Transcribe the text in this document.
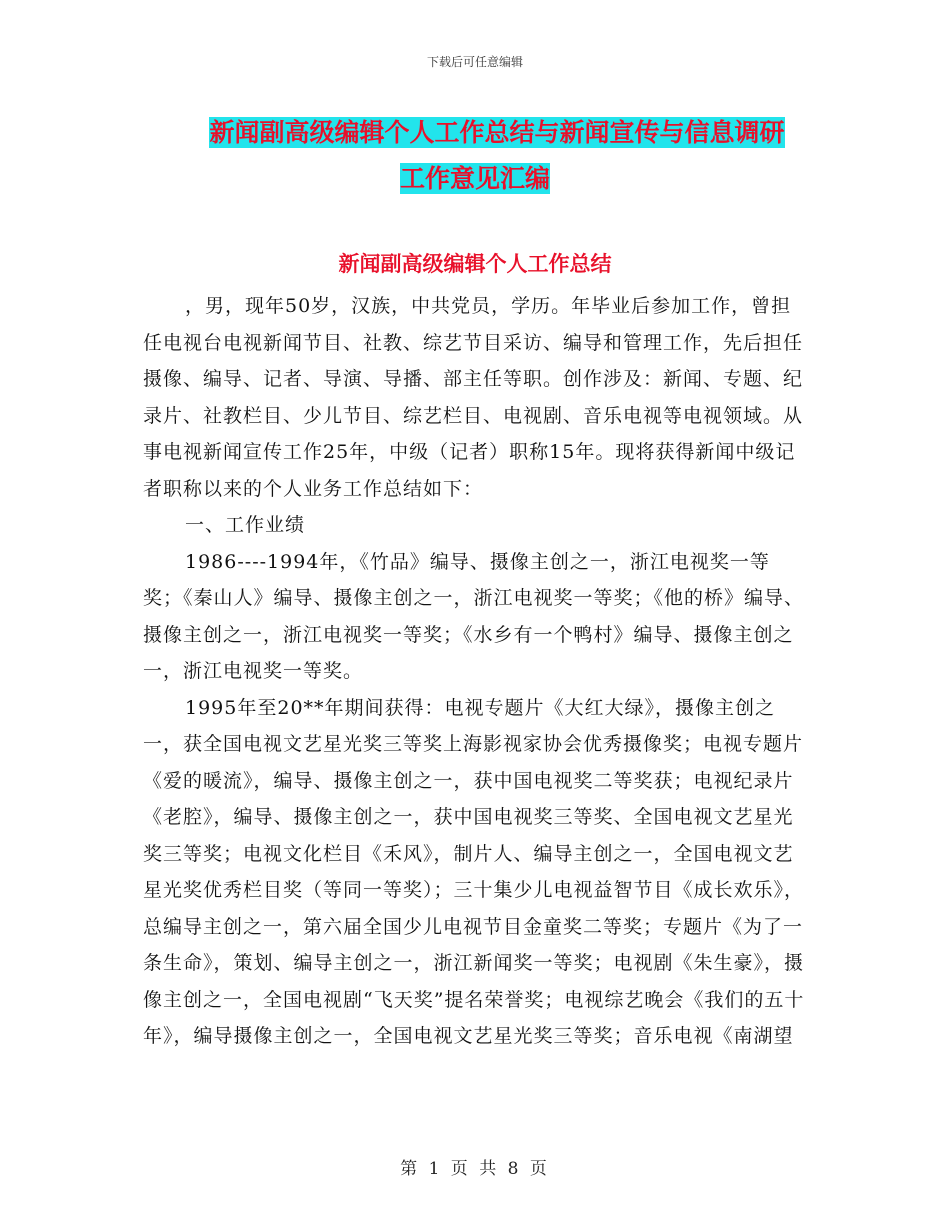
下载后可任意编辑
新闻副高级编辑个人工作总结与新闻宣传与信息调研
工作意见汇编
新闻副高级编辑个人工作总结

，男，现年50岁，汉族，中共党员，学历。年毕业后参加工作，曾担任电视台电视新闻节目、社教、综艺节目采访、编导和管理工作，先后担任摄像、编导、记者、导演、导播、部主任等职。创作涉及：新闻、专题、纪录片、社教栏目、少儿节目、综艺栏目、电视剧、音乐电视等电视领域。从事电视新闻宣传工作25年，中级（记者）职称15年。现将获得新闻中级记者职称以来的个人业务工作总结如下：

一、工作业绩

1986----1994年，《竹品》编导、摄像主创之一，浙江电视奖一等奖；《秦山人》编导、摄像主创之一，浙江电视奖一等奖；《他的桥》编导、摄像主创之一，浙江电视奖一等奖；《水乡有一个鸭村》编导、摄像主创之一，浙江电视奖一等奖。

1995年至20**年期间获得：电视专题片《大红大绿》，摄像主创之一，获全国电视文艺星光奖三等奖上海影视家协会优秀摄像奖；电视专题片《爱的暖流》，编导、摄像主创之一，获中国电视奖二等奖获；电视纪录片《老腔》，编导、摄像主创之一，获中国电视奖三等奖、全国电视文艺星光奖三等奖；电视文化栏目《禾风》，制片人、编导主创之一，全国电视文艺星光奖优秀栏目奖（等同一等奖）；三十集少儿电视益智节目《成长欢乐》，总编导主创之一，第六届全国少儿电视节目金童奖二等奖；专题片《为了一条生命》，策划、编导主创之一，浙江新闻奖一等奖；电视剧《朱生豪》，摄像主创之一，全国电视剧“飞天奖”提名荣誉奖；电视综艺晚会《我们的五十年》，编导摄像主创之一，全国电视文艺星光奖三等奖；音乐电视《南湖望

第 1 页 共 8 页
